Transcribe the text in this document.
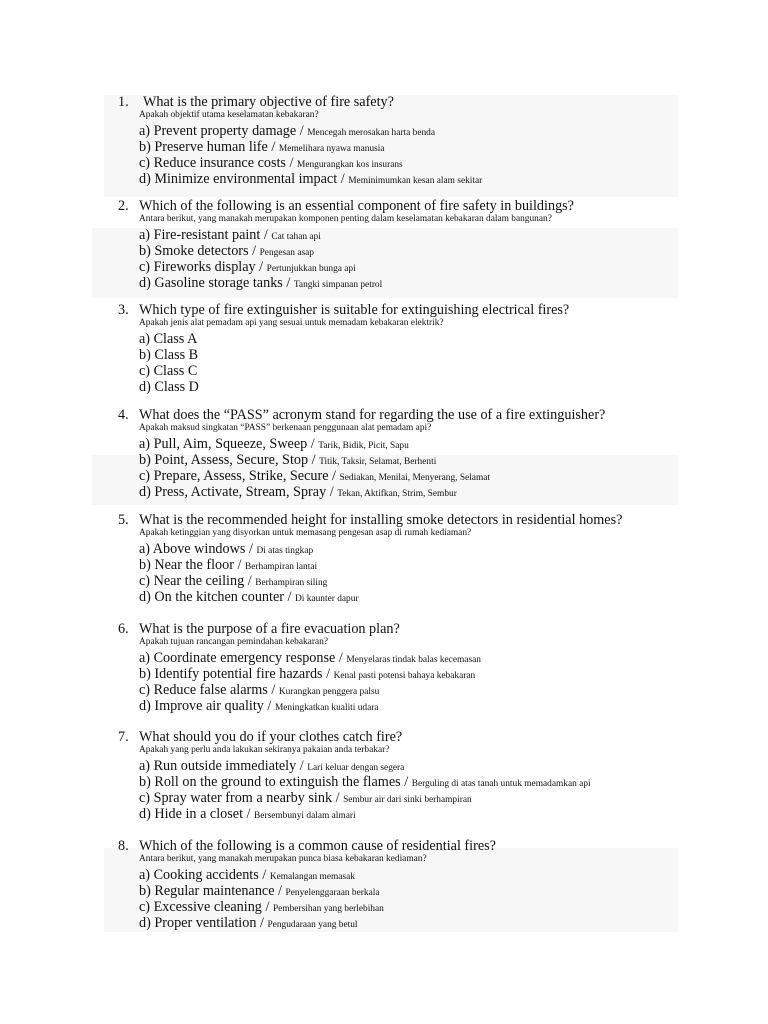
1. What is the primary objective of fire safety?
Apakah objektif utama keselamatan kebakaran?
a) Prevent property damage / Mencegah merosakan harta benda
b) Preserve human life / Memelihara nyawa manusia
c) Reduce insurance costs / Mengurangkan kos insurans
d) Minimize environmental impact / Meminimumkan kesan alam sekitar
2. Which of the following is an essential component of fire safety in buildings?
Antara berikut, yang manakah merupakan komponen penting dalam keselamatan kebakaran dalam bangunan?
a) Fire-resistant paint / Cat tahan api
b) Smoke detectors / Pengesan asap
c) Fireworks display / Pertunjukkan bunga api
d) Gasoline storage tanks / Tangki simpanan petrol
3. Which type of fire extinguisher is suitable for extinguishing electrical fires?
Apakah jenis alat pemadam api yang sesuai untuk memadam kebakaran elektrik?
a) Class A
b) Class B
c) Class C
d) Class D
4. What does the “PASS” acronym stand for regarding the use of a fire extinguisher?
Apakah maksud singkatan “PASS” berkenaan penggunaan alat pemadam api?
a) Pull, Aim, Squeeze, Sweep / Tarik, Bidik, Picit, Sapu
b) Point, Assess, Secure, Stop / Titik, Taksir, Selamat, Berhenti
c) Prepare, Assess, Strike, Secure / Sediakan, Menilai, Menyerang, Selamat
d) Press, Activate, Stream, Spray / Tekan, Aktifkan, Strim, Sembur
5. What is the recommended height for installing smoke detectors in residential homes?
Apakah ketinggian yang disyorkan untuk memasang pengesan asap di rumah kediaman?
a) Above windows / Di atas tingkap
b) Near the floor / Berhampiran lantai
c) Near the ceiling / Berhampiran siling
d) On the kitchen counter / Di kaunter dapur
6. What is the purpose of a fire evacuation plan?
Apakah tujuan rancangan pemindahan kebakaran?
a) Coordinate emergency response / Menyelaras tindak balas kecemasan
b) Identify potential fire hazards / Kenal pasti potensi bahaya kebakaran
c) Reduce false alarms / Kurangkan penggera palsu
d) Improve air quality / Meningkatkan kualiti udara
7. What should you do if your clothes catch fire?
Apakah yang perlu anda lakukan sekiranya pakaian anda terbakar?
a) Run outside immediately / Lari keluar dengan segera
b) Roll on the ground to extinguish the flames / Berguling di atas tanah untuk memadamkan api
c) Spray water from a nearby sink / Sembur air dari sinki berhampiran
d) Hide in a closet / Bersembunyi dalam almari
8. Which of the following is a common cause of residential fires?
Antara berikut, yang manakah merupakan punca biasa kebakaran kediaman?
a) Cooking accidents / Kemalangan memasak
b) Regular maintenance / Penyelenggaraan berkala
c) Excessive cleaning / Pembersihan yang berlebihan
d) Proper ventilation / Pengudaraan yang betul
